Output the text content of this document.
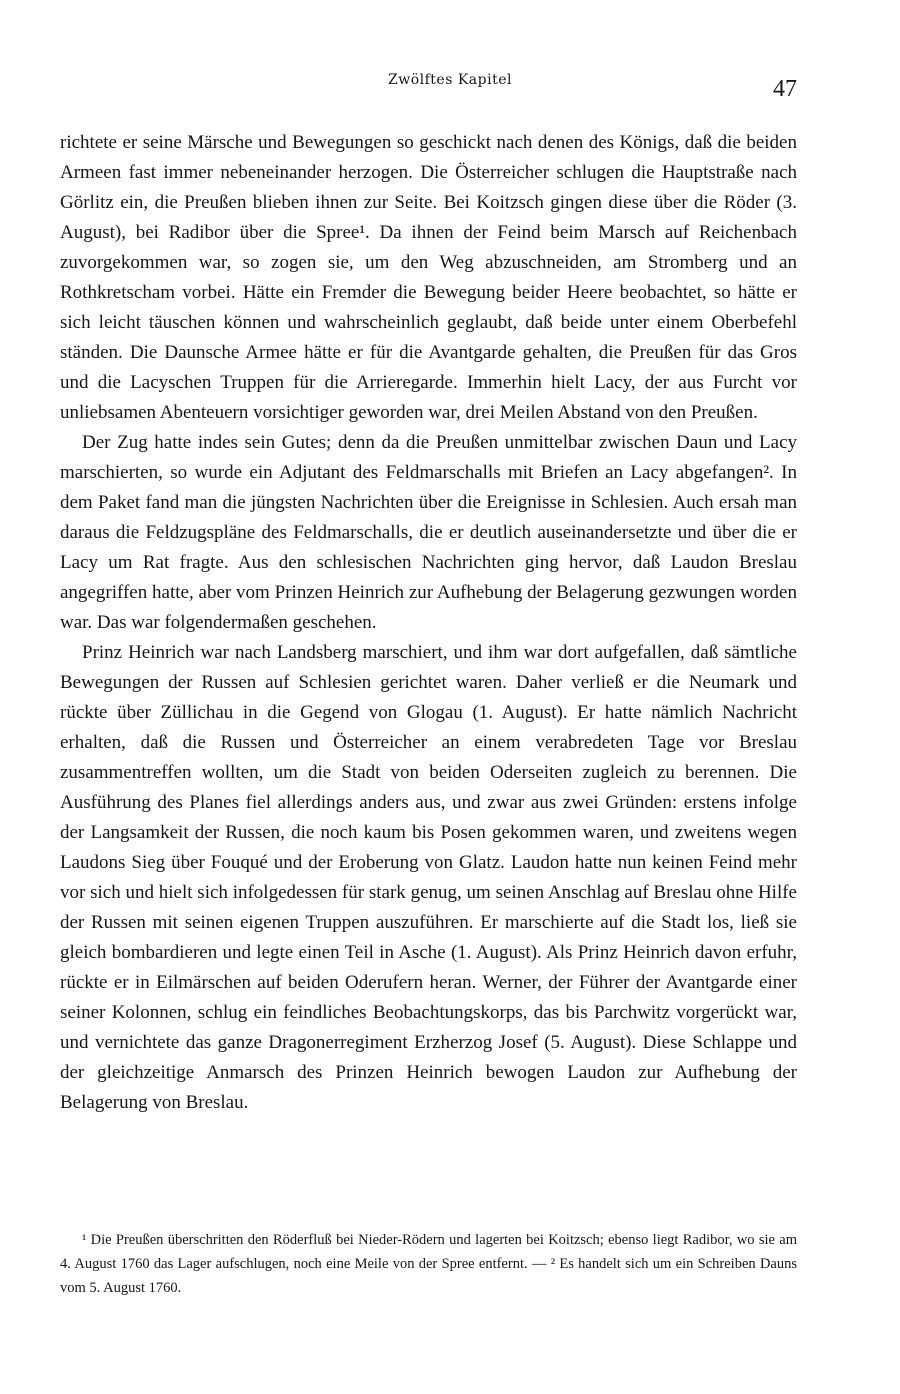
Zwölftes Kapitel	47

richtete er seine Märsche und Bewegungen so geschickt nach denen des Königs, daß die beiden Armeen fast immer nebeneinander herzogen. Die Österreicher schlugen die Hauptstraße nach Görlitz ein, die Preußen blieben ihnen zur Seite. Bei Koitzsch gingen diese über die Röder (3. August), bei Radibor über die Spree¹. Da ihnen der Feind beim Marsch auf Reichenbach zuvorgekommen war, so zogen sie, um den Weg abzuschneiden, am Stromberg und an Rothkretscham vorbei. Hätte ein Fremder die Bewegung beider Heere beobachtet, so hätte er sich leicht täuschen können und wahrscheinlich geglaubt, daß beide unter einem Oberbefehl ständen. Die Daunsche Armee hätte er für die Avantgarde gehalten, die Preußen für das Gros und die Lacyschen Truppen für die Arrieregarde. Immerhin hielt Lacy, der aus Furcht vor unliebsamen Abenteuern vorsichtiger geworden war, drei Meilen Abstand von den Preußen.

Der Zug hatte indes sein Gutes; denn da die Preußen unmittelbar zwischen Daun und Lacy marschierten, so wurde ein Adjutant des Feldmarschalls mit Briefen an Lacy abgefangen². In dem Paket fand man die jüngsten Nachrichten über die Ereignisse in Schlesien. Auch ersah man daraus die Feldzugspläne des Feldmarschalls, die er deutlich auseinandersetzte und über die er Lacy um Rat fragte. Aus den schlesischen Nachrichten ging hervor, daß Laudon Breslau angegriffen hatte, aber vom Prinzen Heinrich zur Aufhebung der Belagerung gezwungen worden war. Das war folgendermaßen geschehen.

Prinz Heinrich war nach Landsberg marschiert, und ihm war dort aufgefallen, daß sämtliche Bewegungen der Russen auf Schlesien gerichtet waren. Daher verließ er die Neumark und rückte über Züllichau in die Gegend von Glogau (1. August). Er hatte nämlich Nachricht erhalten, daß die Russen und Österreicher an einem verabredeten Tage vor Breslau zusammentreffen wollten, um die Stadt von beiden Oderseiten zugleich zu berennen. Die Ausführung des Planes fiel allerdings anders aus, und zwar aus zwei Gründen: erstens infolge der Langsamkeit der Russen, die noch kaum bis Posen gekommen waren, und zweitens wegen Laudons Sieg über Fouqué und der Eroberung von Glatz. Laudon hatte nun keinen Feind mehr vor sich und hielt sich infolgedessen für stark genug, um seinen Anschlag auf Breslau ohne Hilfe der Russen mit seinen eigenen Truppen auszuführen. Er marschierte auf die Stadt los, ließ sie gleich bombardieren und legte einen Teil in Asche (1. August). Als Prinz Heinrich davon erfuhr, rückte er in Eilmärschen auf beiden Oderufern heran. Werner, der Führer der Avantgarde einer seiner Kolonnen, schlug ein feindliches Beobachtungskorps, das bis Parchwitz vorgerückt war, und vernichtete das ganze Dragonerregiment Erzherzog Josef (5. August). Diese Schlappe und der gleichzeitige Anmarsch des Prinzen Heinrich bewogen Laudon zur Aufhebung der Belagerung von Breslau.

¹ Die Preußen überschritten den Röderfluß bei Nieder-Rödern und lagerten bei Koitzsch; ebenso liegt Radibor, wo sie am 4. August 1760 das Lager aufschlugen, noch eine Meile von der Spree entfernt. — ² Es handelt sich um ein Schreiben Dauns vom 5. August 1760.
